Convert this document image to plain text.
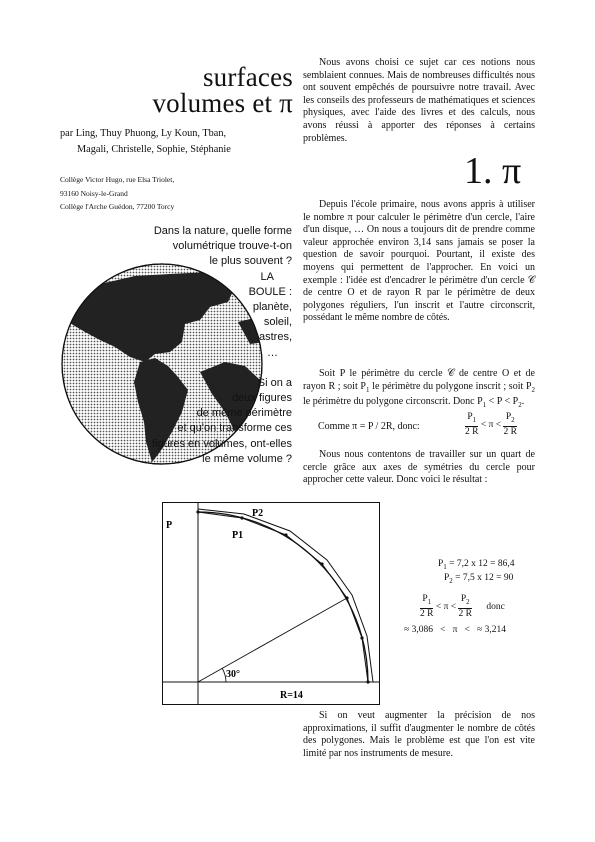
surfaces
volumes et π
par Ling, Thuy Phuong, Ly Koun, Tban,
Magali, Christelle, Sophie, Stéphanie
Collège Victor Hugo, rue Elsa Triolet,
93160 Noisy-le-Grand
Collège l'Arche Guédon, 77200 Torcy
Dans la nature, quelle forme
volumétrique trouve-t-on
le plus souvent ?
LA
BOULE :
planète,
soleil,
astres,
…
Si on a
deux figures
de même périmètre
et qu'on transforme ces
figures en volumes, ont-elles
le même volume ?

Nous avons choisi ce sujet car ces notions nous semblaient connues. Mais de nombreuses difficultés nous ont souvent empêchés de poursuivre notre travail. Avec les conseils des professeurs de mathématiques et sciences physiques, avec l'aide des livres et des calculs, nous avons réussi à apporter des réponses à certains problèmes.

1. π

Depuis l'école primaire, nous avons appris à utiliser le nombre π pour calculer le périmètre d'un cercle, l'aire d'un disque, … On nous a toujours dit de prendre comme valeur approchée environ 3,14 sans jamais se poser la question de savoir pourquoi. Pourtant, il existe des moyens qui permettent de l'approcher. En voici un exemple : l'idée est d'encadrer le périmètre d'un cercle 𝒞 de centre O et de rayon R par le périmètre de deux polygones réguliers, l'un inscrit et l'autre circonscrit, possédant le même nombre de côtés.

Soit P le périmètre du cercle 𝒞 de centre O et de rayon R ; soit $P_1$ le périmètre du polygone inscrit ; soit $P_2$ le périmètre du polygone circonscrit. Donc $P_1 < P < P_2$.

Comme π = P / 2R, donc:	$\frac{P_1}{2 R} < \pi < \frac{P_2}{2 R}$

Nous nous contentons de travailler sur un quart de cercle grâce aux axes de symétries du cercle pour approcher cette valeur. Donc voici le résultat :

P
P2
P1
30°
R=14
$P_1 = 7,2$ x 12 = 86,4
$P_2 = 7,5$ x 12 = 90
$\frac{P_1}{2 R} < \pi < \frac{P_2}{2 R}$ donc
≈ 3,086   <   π   <   ≈ 3,214

Si on veut augmenter la précision de nos approximations, il suffit d'augmenter le nombre de côtés des polygones. Mais le problème est que l'on est vite limité par nos instruments de mesure.
